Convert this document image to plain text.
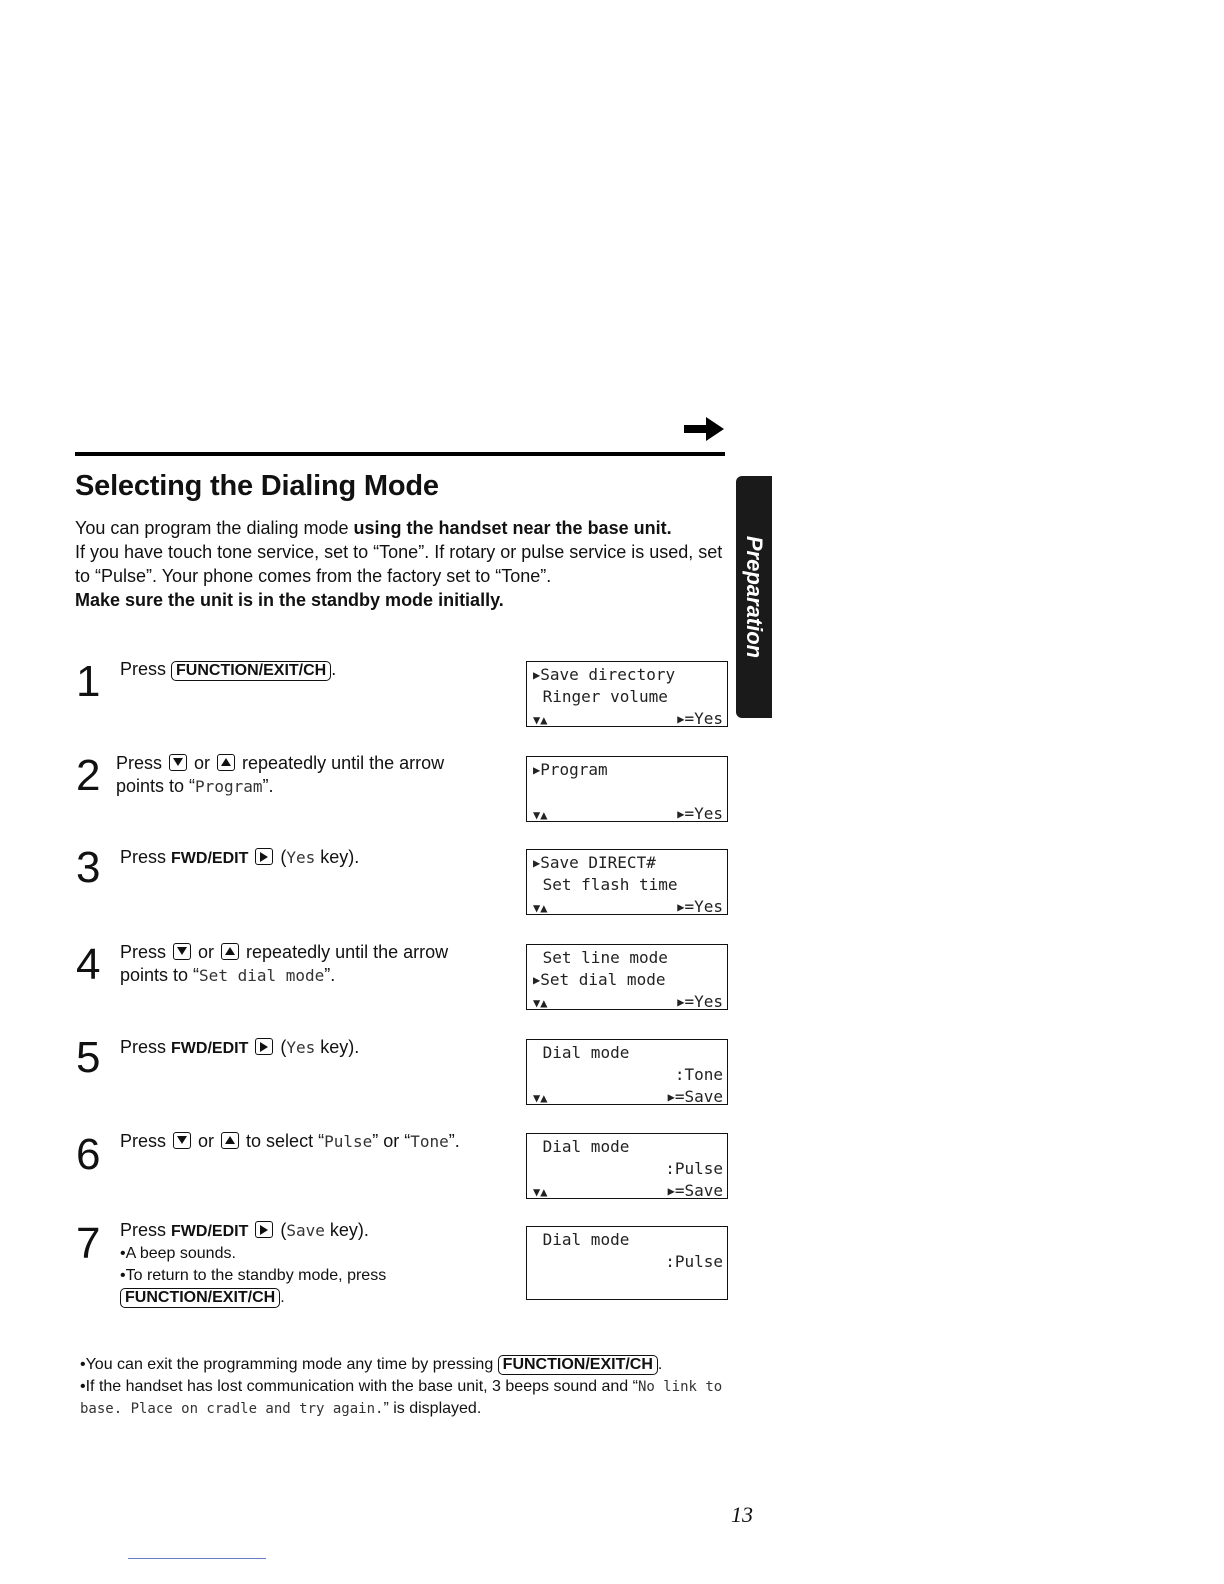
Selecting the Dialing Mode
Preparation

You can program the dialing mode using the handset near the base unit.

If you have touch tone service, set to “Tone”. If rotary or pulse service is used, set to “Pulse”. Your phone comes from the factory set to “Tone”.

Make sure the unit is in the standby mode initially.

1 Press FUNCTION/EXIT/CH .	▶Save directory
Ringer volume
▼▲	▶=Yes
2 Press
or
repeatedly until the arrow points to “Program”.

▶Program
▼▲	▶=Yes
3 Press FWD/EDIT
(Yes key).	▶Save DIRECT#
Set flash time
▼▲	▶=Yes
4 Press
or
repeatedly until the arrow points to “Set dial mode”.

Set line mode
▶Set dial mode
▼▲	▶=Yes
5 Press FWD/EDIT
(Yes key).	Dial mode
:Tone
▼▲	▶=Save
6 Press
or
to select “Pulse” or “Tone”.	Dial mode
:Pulse
▼▲	▶=Save
7 Press FWD/EDIT
(Save key).

•A beep sounds.

•To return to the standby mode, press

FUNCTION/EXIT/CH .

Dial mode
:Pulse

•You can exit the programming mode any time by pressing FUNCTION/EXIT/CH .

•If the handset has lost communication with the base unit, 3 beeps sound and “No link to base. Place on cradle and try again.” is displayed.

13
